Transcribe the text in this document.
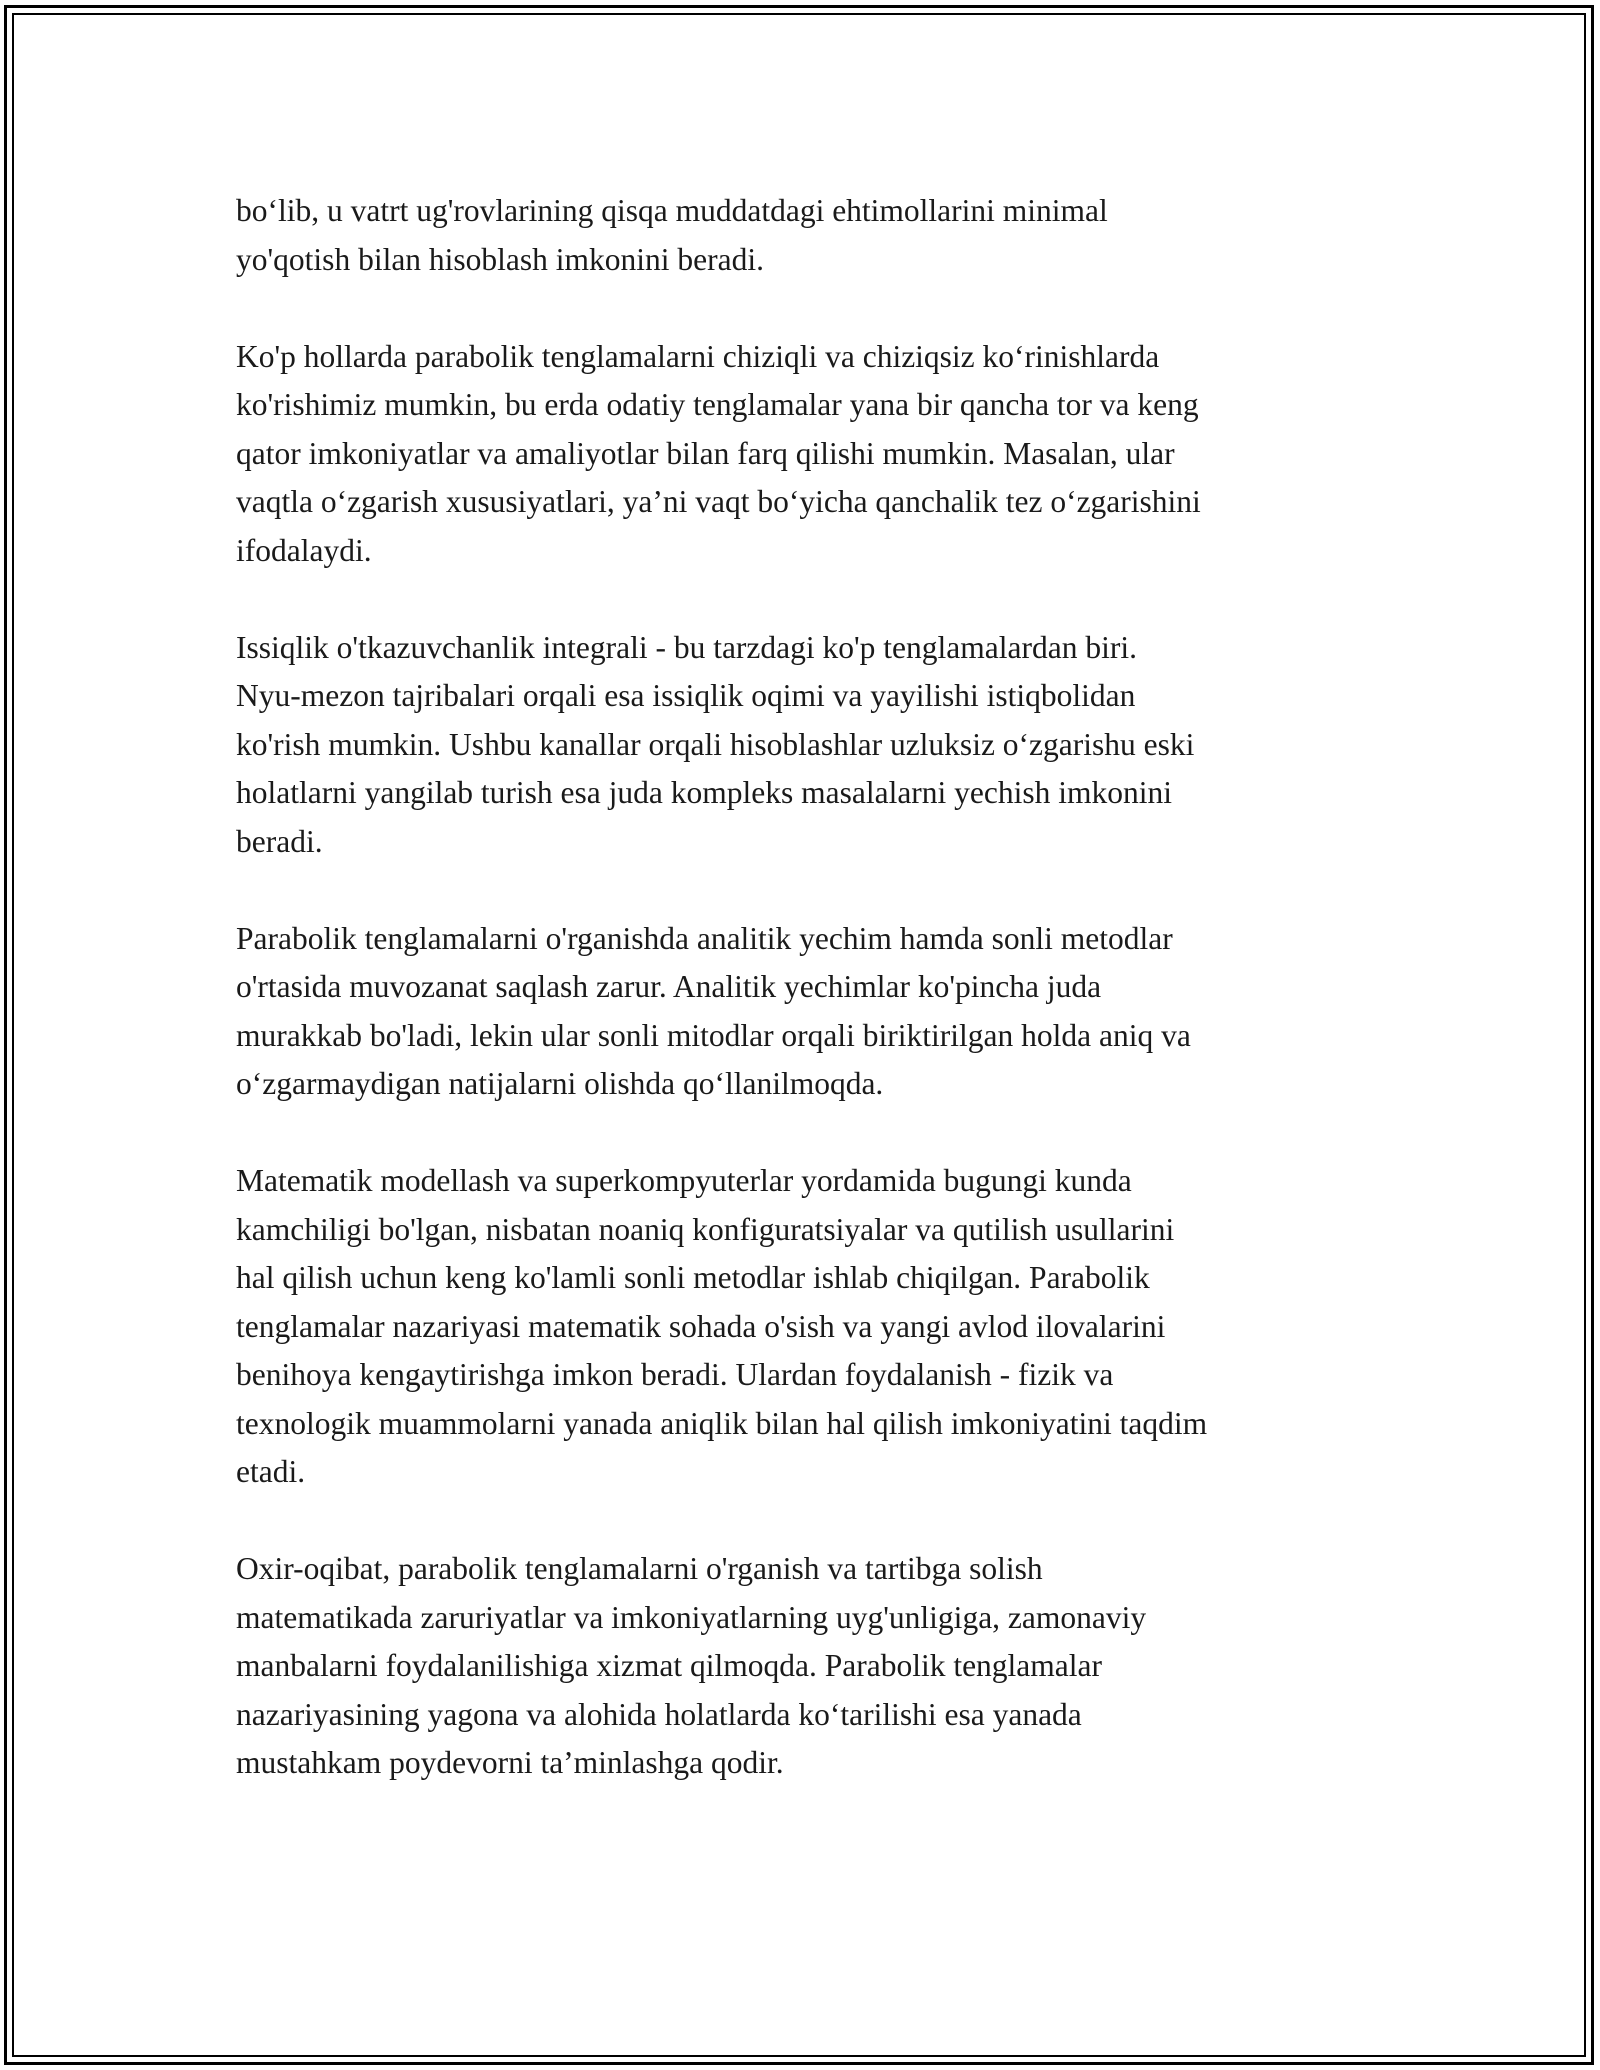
bo‘lib, u vatrt ug'rovlarining qisqa muddatdagi ehtimollarini minimal
yo'qotish bilan hisoblash imkonini beradi.

Ko'p hollarda parabolik tenglamalarni chiziqli va chiziqsiz ko‘rinishlarda
ko'rishimiz mumkin, bu erda odatiy tenglamalar yana bir qancha tor va keng
qator imkoniyatlar va amaliyotlar bilan farq qilishi mumkin. Masalan, ular
vaqtla o‘zgarish xususiyatlari, ya’ni vaqt bo‘yicha qanchalik tez o‘zgarishini
ifodalaydi.

Issiqlik o'tkazuvchanlik integrali - bu tarzdagi ko'p tenglamalardan biri.
Nyu-mezon tajribalari orqali esa issiqlik oqimi va yayilishi istiqbolidan
ko'rish mumkin. Ushbu kanallar orqali hisoblashlar uzluksiz o‘zgarishu eski
holatlarni yangilab turish esa juda kompleks masalalarni yechish imkonini
beradi.

Parabolik tenglamalarni o'rganishda analitik yechim hamda sonli metodlar
o'rtasida muvozanat saqlash zarur. Analitik yechimlar ko'pincha juda
murakkab bo'ladi, lekin ular sonli mitodlar orqali biriktirilgan holda aniq va
o‘zgarmaydigan natijalarni olishda qo‘llanilmoqda.

Matematik modellash va superkompyuterlar yordamida bugungi kunda
kamchiligi bo'lgan, nisbatan noaniq konfiguratsiyalar va qutilish usullarini
hal qilish uchun keng ko'lamli sonli metodlar ishlab chiqilgan. Parabolik
tenglamalar nazariyasi matematik sohada o'sish va yangi avlod ilovalarini
benihoya kengaytirishga imkon beradi. Ulardan foydalanish - fizik va
texnologik muammolarni yanada aniqlik bilan hal qilish imkoniyatini taqdim
etadi.

Oxir-oqibat, parabolik tenglamalarni o'rganish va tartibga solish
matematikada zaruriyatlar va imkoniyatlarning uyg'unligiga, zamonaviy
manbalarni foydalanilishiga xizmat qilmoqda. Parabolik tenglamalar
nazariyasining yagona va alohida holatlarda ko‘tarilishi esa yanada
mustahkam poydevorni ta’minlashga qodir.
